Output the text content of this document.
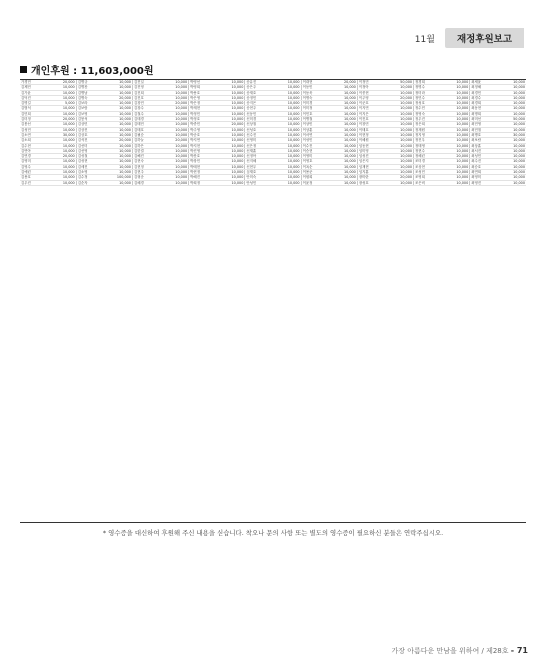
11월	재정후원보고
개인후원 : 11,603,000원
가경민	20,000	김병규	10,000	김진일	10,000	박영선	10,000	송유진	10,000	이대현	20,000	이정민	50,000	정경희	10,000	최세윤	10,000
김제민	10,000	김병찬	10,000	김진영	10,000	박영희	10,000	송은주	10,000	이동민	10,000	이정아	10,000	정명수	10,000	최정혜	10,000
김가윤	10,000	김병남	10,000	김진희	10,000	박용호	10,000	송재호	10,000	이동욱	10,000	이종현	10,000	정미라	10,000	최경민	10,000
김덕진	10,000	김병숙	20,000	김진호	10,000	박은영	10,000	송정민	10,000	이명숙	10,000	이주영	20,000	정민수	10,000	최경수	10,000
김명길	5,000	김보라	10,000	김창민	20,000	박은정	10,000	송지은	10,000	이미경	10,000	이준호	10,000	정성호	10,000	최경희	10,000
김범석	10,000	김보람	10,000	김창수	10,000	박재현	10,000	송현주	10,000	이미정	10,000	이지연	10,000	정수민	10,000	최동현	10,000
김민희	10,000	김보영	10,000	김철수	10,000	박정민	10,000	신동민	10,000	이민호	10,000	이지은	10,000	정영숙	10,000	최명희	10,000
김미정	20,000	김봉석	10,000	김태경	10,000	박정호	10,000	신미경	10,000	이병철	10,000	이진호	10,000	정우진	10,000	최미선	50,000
김봉선	10,000	김상민	10,000	김태민	10,000	박종민	20,000	신상철	10,000	이상민	10,000	이창민	10,000	정은희	10,000	최민영	10,000
김성민	10,000	김상진	10,000	김태호	10,000	박주영	10,000	신성호	10,000	이상훈	10,000	이태호	10,000	정재원	10,000	최민철	10,000
김소연	30,000	김상호	10,000	김필순	10,000	박준호	10,000	신수진	10,000	이서연	10,000	이현정	10,000	정지영	10,000	최병호	30,000
김소희	10,000	김석진	20,000	김하늘	20,000	박지연	10,000	신영미	10,000	이성민	10,000	이혜원	10,000	정진우	10,000	최보람	10,000
김수현	10,000	김선미	10,000	김하은	10,000	박지현	10,000	신은정	10,000	이수진	10,000	임동현	10,000	정태영	10,000	최상훈	10,000
김연아	10,000	김선영	10,000	김한결	10,000	박진영	10,000	신재훈	10,000	이승현	10,000	임미영	10,000	정현수	10,000	최서진	10,000
김연경	20,000	김성철	10,000	김해진	10,000	박찬호	10,000	신정아	10,000	이영미	10,000	임성진	10,000	정혜린	20,000	최성민	10,000
김영미	10,000	김성현	10,000	김현숙	10,000	박창민	10,000	신지혜	10,000	이영호	10,000	임은지	10,000	조미경	10,000	최수진	10,000
김영수	10,000	김세진	10,000	김현정	10,000	박태현	10,000	신현우	10,000	이옥순	10,000	임재현	10,000	조상현	10,000	최승호	10,000
김예린	10,000	김소영	10,000	김현주	10,000	박현정	10,000	심재호	10,000	이용준	10,000	임지훈	10,000	조성민	10,000	최연희	10,000
김용호	10,000	김수정	100,000	김형준	10,000	박혜진	10,000	안미숙	10,000	이원희	10,000	장미란	20,000	조영희	10,000	최영미	10,000
김우진	10,000	김순자	10,000	김혜경	10,000	박희정	10,000	안성민	10,000	이윤정	10,000	장성호	10,000	조은비	10,000	최영진	10,000
* 영수증을 대신하여 후원해 주신 내용을 싣습니다. 착오나 문의 사항 또는 별도의 영수증이 필요하신 분들은 연락주십시오.
가장 아름다운 만남을 위하여 / 제28호 - 71
